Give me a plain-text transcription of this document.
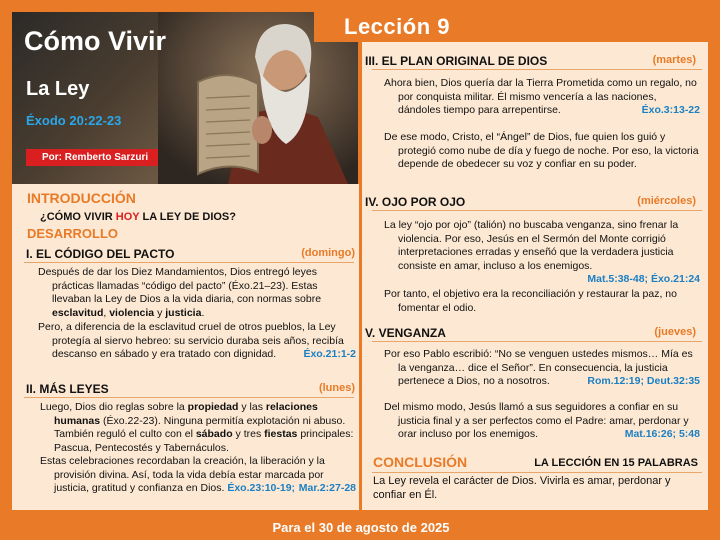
Cómo Vivir
La Ley
Éxodo 20:22-23
Por: Remberto Sarzuri
Lección 9
INTRODUCCIÓN
¿CÓMO VIVIR HOY LA LEY DE DIOS?
DESARROLLO
I. EL CÓDIGO DEL PACTO	(domingo)
Después de dar los Diez Mandamientos, Dios entregó leyes prácticas llamadas “código del pacto” (Éxo.21–23). Estas llevaban la Ley de Dios a la vida diaria, con normas sobre esclavitud, violencia y justicia.
Pero, a diferencia de la esclavitud cruel de otros pueblos, la Ley protegía al siervo hebreo: su servicio duraba seis años, recibía descanso en sábado y era tratado con dignidad.	Éxo.21:1-2
II. MÁS LEYES	(lunes)
Luego, Dios dio reglas sobre la propiedad y las relaciones humanas (Éxo.22-23). Ninguna permitía explotación ni abuso. También reguló el culto con el sábado y tres fiestas principales: Pascua, Pentecostés y Tabernáculos.
Estas celebraciones recordaban la creación, la liberación y la provisión divina. Así, toda la vida debía estar marcada por justicia, gratitud y confianza en Dios. Éxo.23:10-19; Mar.2:27-28
III. EL PLAN ORIGINAL DE DIOS	(martes)
Ahora bien, Dios quería dar la Tierra Prometida como un regalo, no por conquista militar. Él mismo vencería a las naciones, dándoles tiempo para arrepentirse.	Éxo.3:13-22
De ese modo, Cristo, el “Ángel” de Dios, fue quien los guió y protegió como nube de día y fuego de noche. Por eso, la victoria depende de obedecer su voz y confiar en su poder.
IV. OJO POR OJO	(miércoles)
La ley “ojo por ojo” (talión) no buscaba venganza, sino frenar la violencia. Por eso, Jesús en el Sermón del Monte corrigió interpretaciones erradas y enseñó que la verdadera justicia consiste en amar, incluso a los enemigos.
Mat.5:38-48; Éxo.21:24
Por tanto, el objetivo era la reconciliación y restaurar la paz, no fomentar el odio.
V. VENGANZA	(jueves)
Por eso Pablo escribió: “No se venguen ustedes mismos… Mía es la venganza… dice el Señor”. En consecuencia, la justicia pertenece a Dios, no a nosotros.	Rom.12:19; Deut.32:35
Del mismo modo, Jesús llamó a sus seguidores a confiar en su justicia final y a ser perfectos como el Padre: amar, perdonar y orar incluso por los enemigos.	Mat.16:26; 5:48
CONCLUSIÓN	LA LECCIÓN EN 15 PALABRAS
La Ley revela el carácter de Dios. Vivirla es amar, perdonar y confiar en Él.
Para el 30 de agosto de 2025
